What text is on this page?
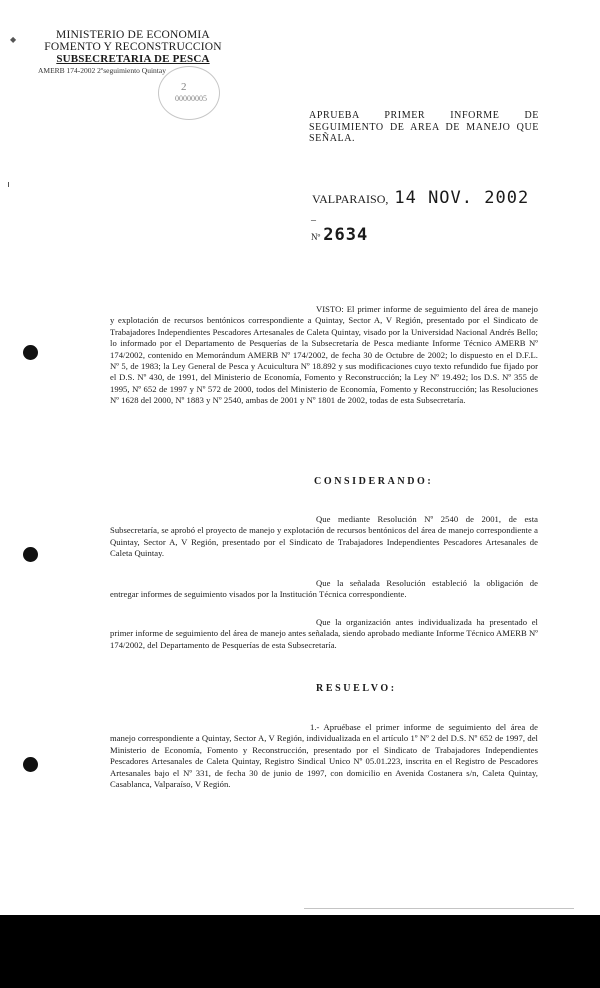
◆	MINISTERIO DE ECONOMIA
FOMENTO Y RECONSTRUCCION
SUBSECRETARIA DE PESCA
AMERB 174-2002 2ºseguimiento Quintay
2
00000005
APRUEBA PRIMER INFORME DE SEGUIMIENTO DE AREA DE MANEJO QUE SEÑALA.
VALPARAISO, 14 NOV. 2002
–
Nº 2634
VISTO: El primer informe de seguimiento del área de manejo y explotación de recursos bentónicos correspondiente a Quintay, Sector A, V Región, presentado por el Sindicato de Trabajadores Independientes Pescadores Artesanales de Caleta Quintay, visado por la Universidad Nacional Andrés Bello; lo informado por el Departamento de Pesquerías de la Subsecretaría de Pesca mediante Informe Técnico AMERB Nº 174/2002, contenido en Memorándum AMERB Nº 174/2002, de fecha 30 de Octubre de 2002; lo dispuesto en el D.F.L. Nº 5, de 1983; la Ley General de Pesca y Acuicultura Nº 18.892 y sus modificaciones cuyo texto refundido fue fijado por el D.S. Nº 430, de 1991, del Ministerio de Economía, Fomento y Reconstrucción; la Ley Nº 19.492; los D.S. Nº 355 de 1995, Nº 652 de 1997 y Nº 572 de 2000, todos del Ministerio de Economía, Fomento y Reconstrucción; las Resoluciones Nº 1628 del 2000, Nº 1883 y Nº 2540, ambas de 2001 y Nº 1801 de 2002, todas de esta Subsecretaría.
CONSIDERANDO:
Que mediante Resolución Nº 2540 de 2001, de esta Subsecretaría, se aprobó el proyecto de manejo y explotación de recursos bentónicos del área de manejo correspondiente a Quintay, Sector A, V Región, presentado por el Sindicato de Trabajadores Independientes Pescadores Artesanales de Caleta Quintay.
Que la señalada Resolución estableció la obligación de entregar informes de seguimiento visados por la Institución Técnica correspondiente.
Que la organización antes individualizada ha presentado el primer informe de seguimiento del área de manejo antes señalada, siendo aprobado mediante Informe Técnico AMERB Nº 174/2002, del Departamento de Pesquerías de esta Subsecretaría.
RESUELVO:
1.- Apruébase el primer informe de seguimiento del área de manejo correspondiente a Quintay, Sector A, V Región, individualizada en el artículo 1º Nº 2 del D.S. Nº 652 de 1997, del Ministerio de Economía, Fomento y Reconstrucción, presentado por el Sindicato de Trabajadores Independientes Pescadores Artesanales de Caleta Quintay, Registro Sindical Unico Nº 05.01.223, inscrita en el Registro de Pescadores Artesanales bajo el Nº 331, de fecha 30 de junio de 1997, con domicilio en Avenida Costanera s/n, Caleta Quintay, Casablanca, Valparaíso, V Región.
